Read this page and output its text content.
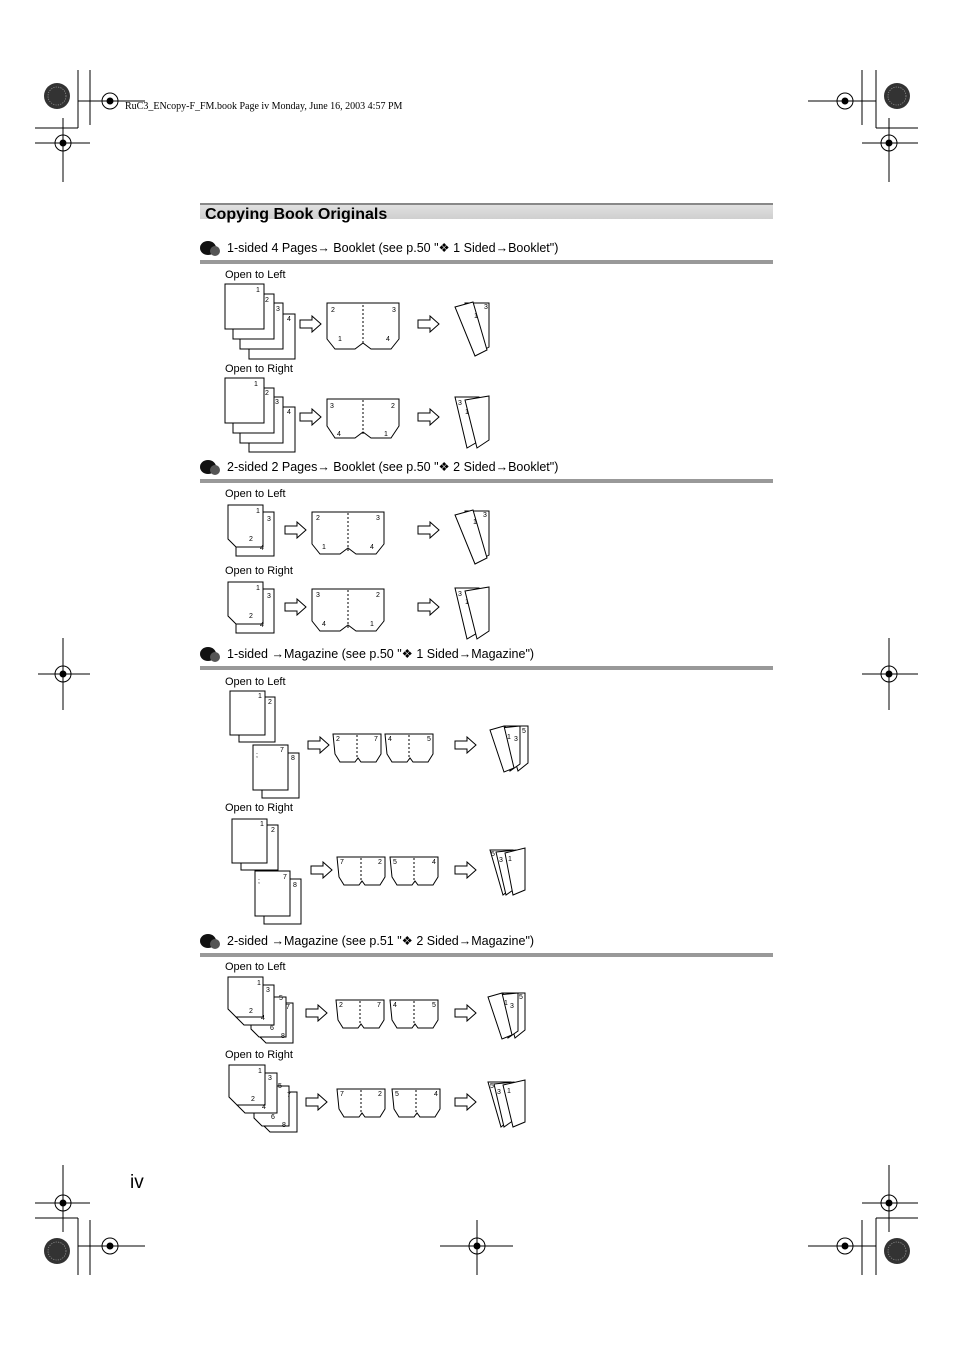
RuC3_ENcopy-F_FM.book Page iv Monday, June 16, 2003 4:57 PM
Copying Book Originals
1-sided 4 Pages→ Booklet (see p.50 "❖ 1 Sided→Booklet")
Open to Left
Open to Right
1
2
3
4
2	3
1	4
3
1
1
2
3
4
3	2
4	1
3
1
2-sided 2 Pages→ Booklet (see p.50 "❖ 2 Sided→Booklet")
Open to Left
Open to Right
1
3
2
4
2	3
1	4
3
1
1
3
2
4
3	2
4	1
3
1
1-sided →Magazine (see p.50 "❖ 1 Sided→Magazine")
Open to Left
Open to Right
1
2
;
7
8
2	7 4	5
5
1 3
1
2
;
7
8
7	2 5	4
5
3 1
2-sided →Magazine (see p.51 "❖ 2 Sided→Magazine")
Open to Left
Open to Right
1
3
2
4
5
7
6
8
2	7 4	5
5
1 3
1
3
2
4
5
7
6
8
7	2 5	4
5
3 1
iv
